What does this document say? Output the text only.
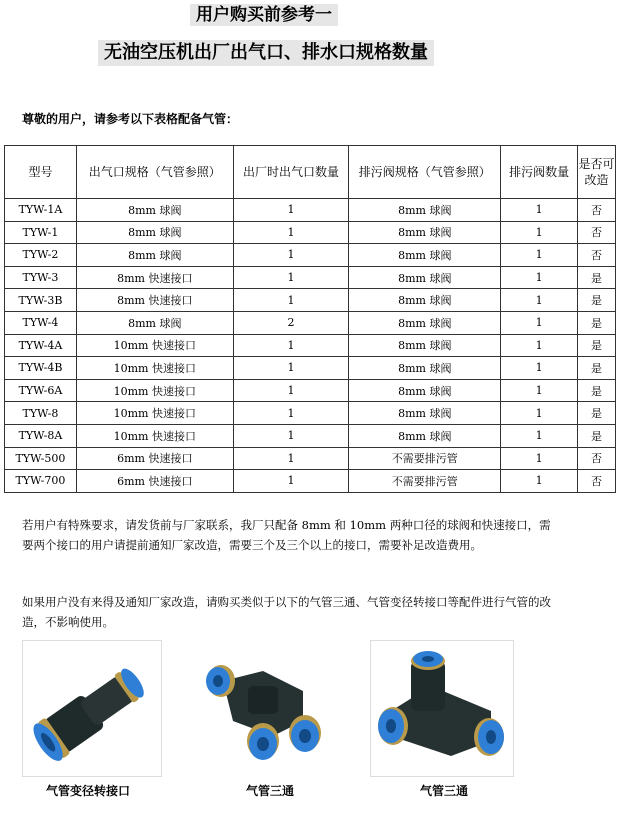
用户购买前参考一
无油空压机出厂出气口、排水口规格数量
尊敬的用户，请参考以下表格配备气管：
型号	出气口规格（气管参照）	出厂时出气口数量	排污阀规格（气管参照）	排污阀数量	是否可改造
TYW-1A	8mm 球阀	1	8mm 球阀	1	否
TYW-1	8mm 球阀	1	8mm 球阀	1	否
TYW-2	8mm 球阀	1	8mm 球阀	1	否
TYW-3	8mm 快速接口	1	8mm 球阀	1	是
TYW-3B	8mm 快速接口	1	8mm 球阀	1	是
TYW-4	8mm 球阀	2	8mm 球阀	1	是
TYW-4A	10mm 快速接口	1	8mm 球阀	1	是
TYW-4B	10mm 快速接口	1	8mm 球阀	1	是
TYW-6A	10mm 快速接口	1	8mm 球阀	1	是
TYW-8	10mm 快速接口	1	8mm 球阀	1	是
TYW-8A	10mm 快速接口	1	8mm 球阀	1	是
TYW-500	6mm 快速接口	1	不需要排污管	1	否
TYW-700	6mm 快速接口	1	不需要排污管	1	否
若用户有特殊要求，请发货前与厂家联系，我厂只配备 8mm 和 10mm 两种口径的球阀和快速接口，需要两个接口的用户请提前通知厂家改造，需要三个及三个以上的接口，需要补足改造费用。
如果用户没有来得及通知厂家改造，请购买类似于以下的气管三通、气管变径转接口等配件进行气管的改造，不影响使用。
气管变径转接口	气管三通	气管三通
